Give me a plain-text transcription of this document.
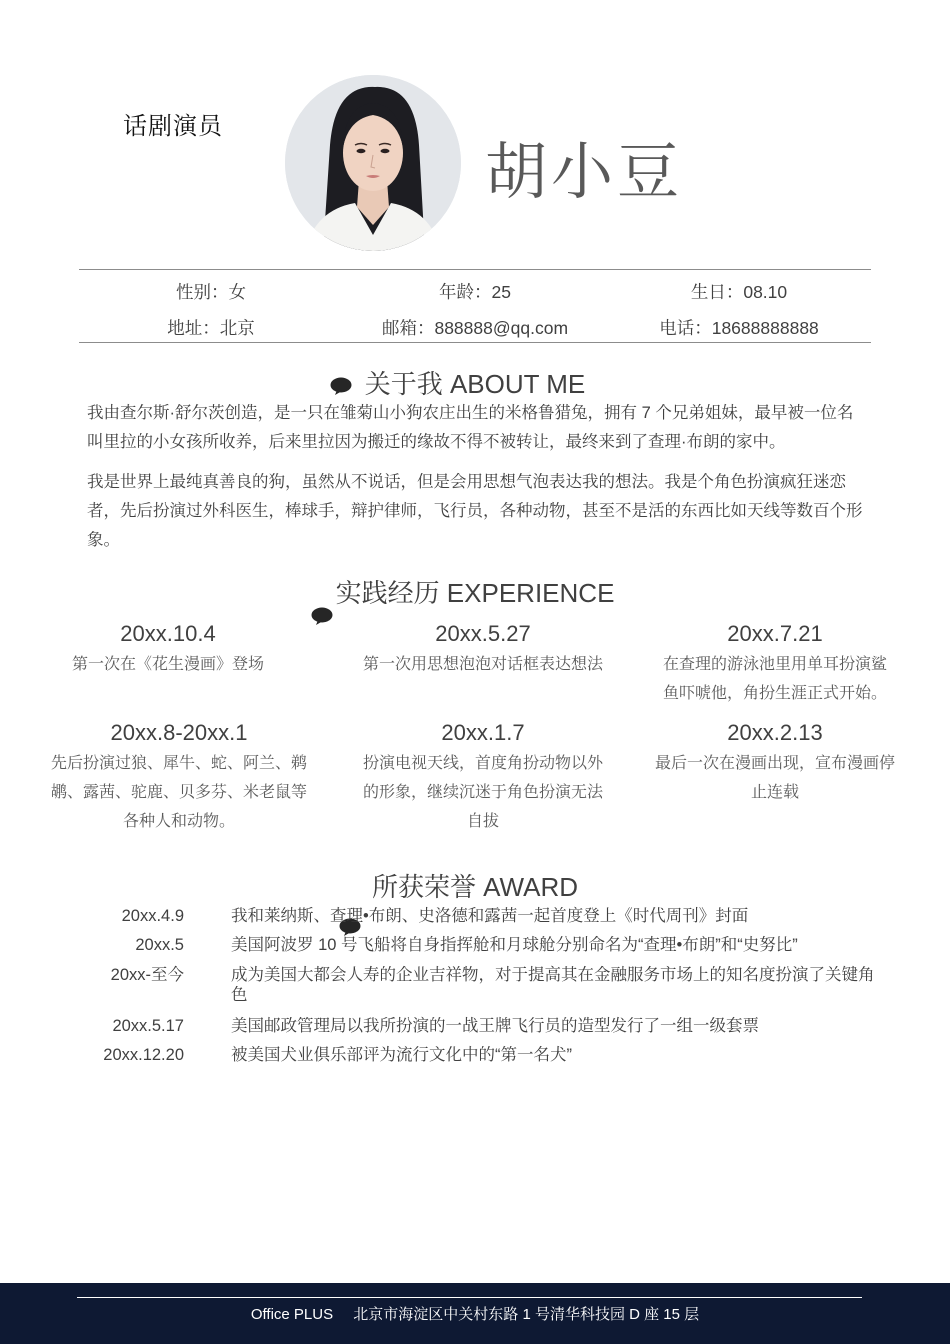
话剧演员
胡小豆
性别：女	年龄：25	生日：08.10
地址：北京	邮箱：888888@qq.com	电话：18688888888
关于我 ABOUT ME

我由查尔斯·舒尔茨创造，是一只在雏菊山小狗农庄出生的米格鲁猎兔，拥有 7 个兄弟姐妹，最早被一位名叫里拉的小女孩所收养，后来里拉因为搬迁的缘故不得不被转让，最终来到了查理·布朗的家中。

我是世界上最纯真善良的狗，虽然从不说话，但是会用思想气泡表达我的想法。我是个角色扮演疯狂迷恋者，先后扮演过外科医生，棒球手，辩护律师，飞行员，各种动物，甚至不是活的东西比如天线等数百个形象。

实践经历 EXPERIENCE
20xx.10.4
第一次在《花生漫画》登场
20xx.5.27
第一次用思想泡泡对话框表达想法
20xx.7.21
在查理的游泳池里用单耳扮演鲨鱼吓唬他，角扮生涯正式开始。
20xx.8-20xx.1
先后扮演过狼、犀牛、蛇、阿兰、鹈鹕、露茜、驼鹿、贝多芬、米老鼠等各种人和动物。
20xx.1.7
扮演电视天线，首度角扮动物以外的形象，继续沉迷于角色扮演无法自拔
20xx.2.13
最后一次在漫画出现，宣布漫画停止连载
所获荣誉 AWARD
20xx.4.9	我和莱纳斯、查理•布朗、史洛德和露茜一起首度登上《时代周刊》封面
20xx.5	美国阿波罗 10 号飞船将自身指挥舱和月球舱分别命名为“查理•布朗”和“史努比”
20xx-至今	成为美国大都会人寿的企业吉祥物，对于提高其在金融服务市场上的知名度扮演了关键角色
20xx.5.17	美国邮政管理局以我所扮演的一战王牌飞行员的造型发行了一组一级套票
20xx.12.20	被美国犬业俱乐部评为流行文化中的“第一名犬”
Office PLUS 北京市海淀区中关村东路 1 号清华科技园 D 座 15 层
